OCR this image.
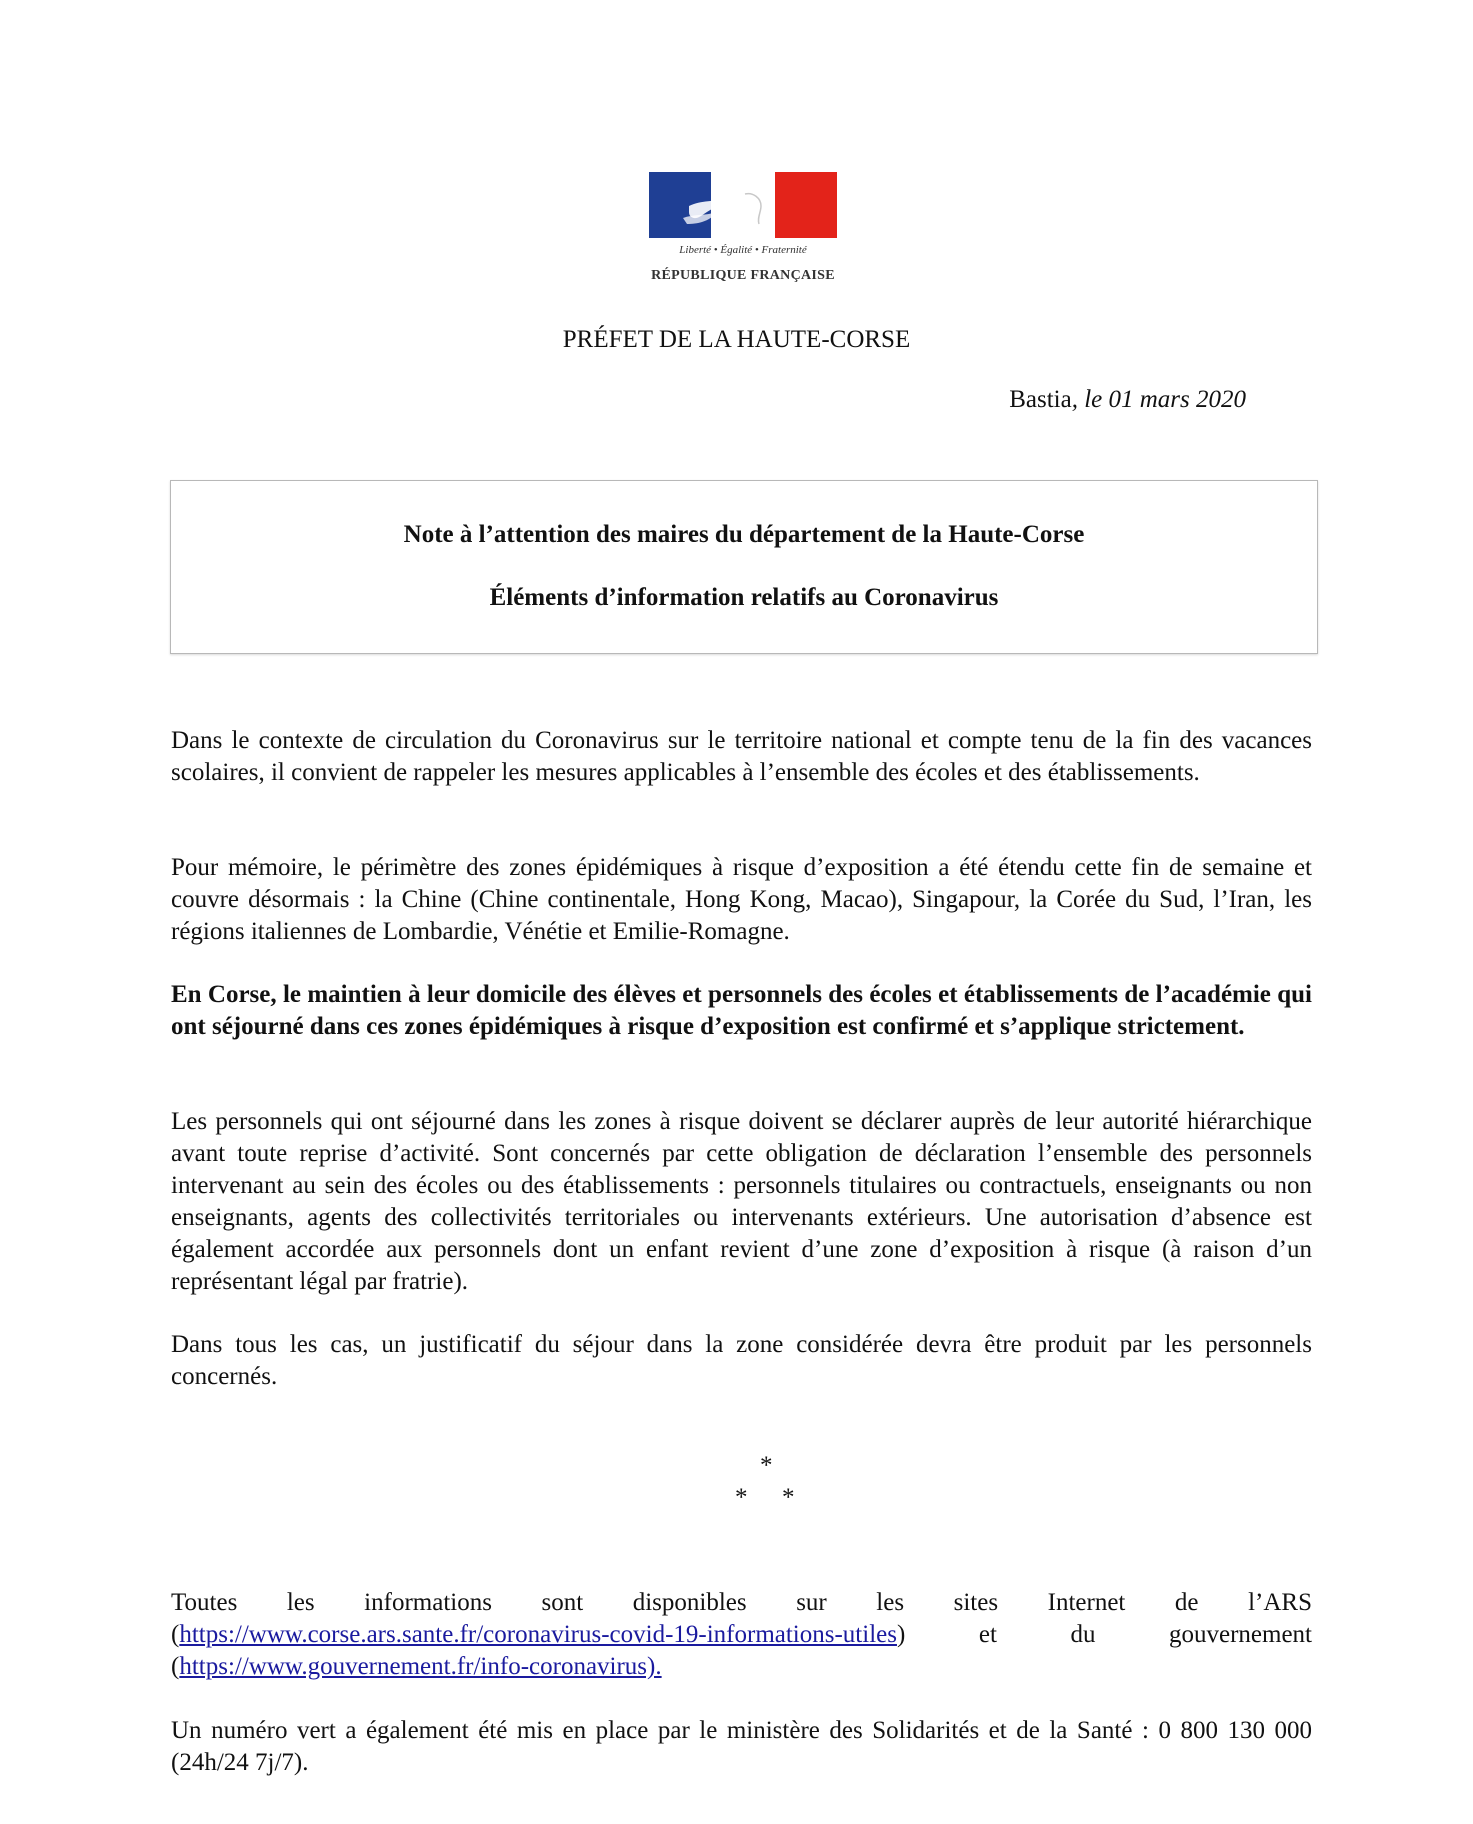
Liberté • Égalité • Fraternité
RÉPUBLIQUE FRANÇAISE
PRÉFET DE LA HAUTE-CORSE
Bastia, le 01 mars 2020
Note à l’attention des maires du département de la Haute-Corse
Éléments d’information relatifs au Coronavirus
Dans le contexte de circulation du Coronavirus sur le territoire national et compte tenu de la fin des vacances scolaires, il convient de rappeler les mesures applicables à l’ensemble des écoles et des établissements.
Pour mémoire, le périmètre des zones épidémiques à risque d’exposition a été étendu cette fin de semaine et couvre désormais : la Chine (Chine continentale, Hong Kong, Macao), Singapour, la Corée du Sud, l’Iran, les régions italiennes de Lombardie, Vénétie et Emilie-Romagne.
En Corse, le maintien à leur domicile des élèves et personnels des écoles et établissements de l’académie qui ont séjourné dans ces zones épidémiques à risque d’exposition est confirmé et s’applique strictement.
Les personnels qui ont séjourné dans les zones à risque doivent se déclarer auprès de leur autorité hiérarchique avant toute reprise d’activité. Sont concernés par cette obligation de déclaration l’ensemble des personnels intervenant au sein des écoles ou des établissements : personnels titulaires ou contractuels, enseignants ou non enseignants, agents des collectivités territoriales ou intervenants extérieurs. Une autorisation d’absence est également accordée aux personnels dont un enfant revient d’une zone d’exposition à risque (à raison d’un représentant légal par fratrie).
Dans tous les cas, un justificatif du séjour dans la zone considérée devra être produit par les personnels concernés.
*
* *
Toutes les informations sont disponibles sur les sites Internet de l’ARS (https://www.corse.ars.sante.fr/coronavirus-covid-19-informations-utiles) et du gouvernement (https://www.gouvernement.fr/info-coronavirus).
Un numéro vert a également été mis en place par le ministère des Solidarités et de la Santé : 0 800 130 000 (24h/24 7j/7).
